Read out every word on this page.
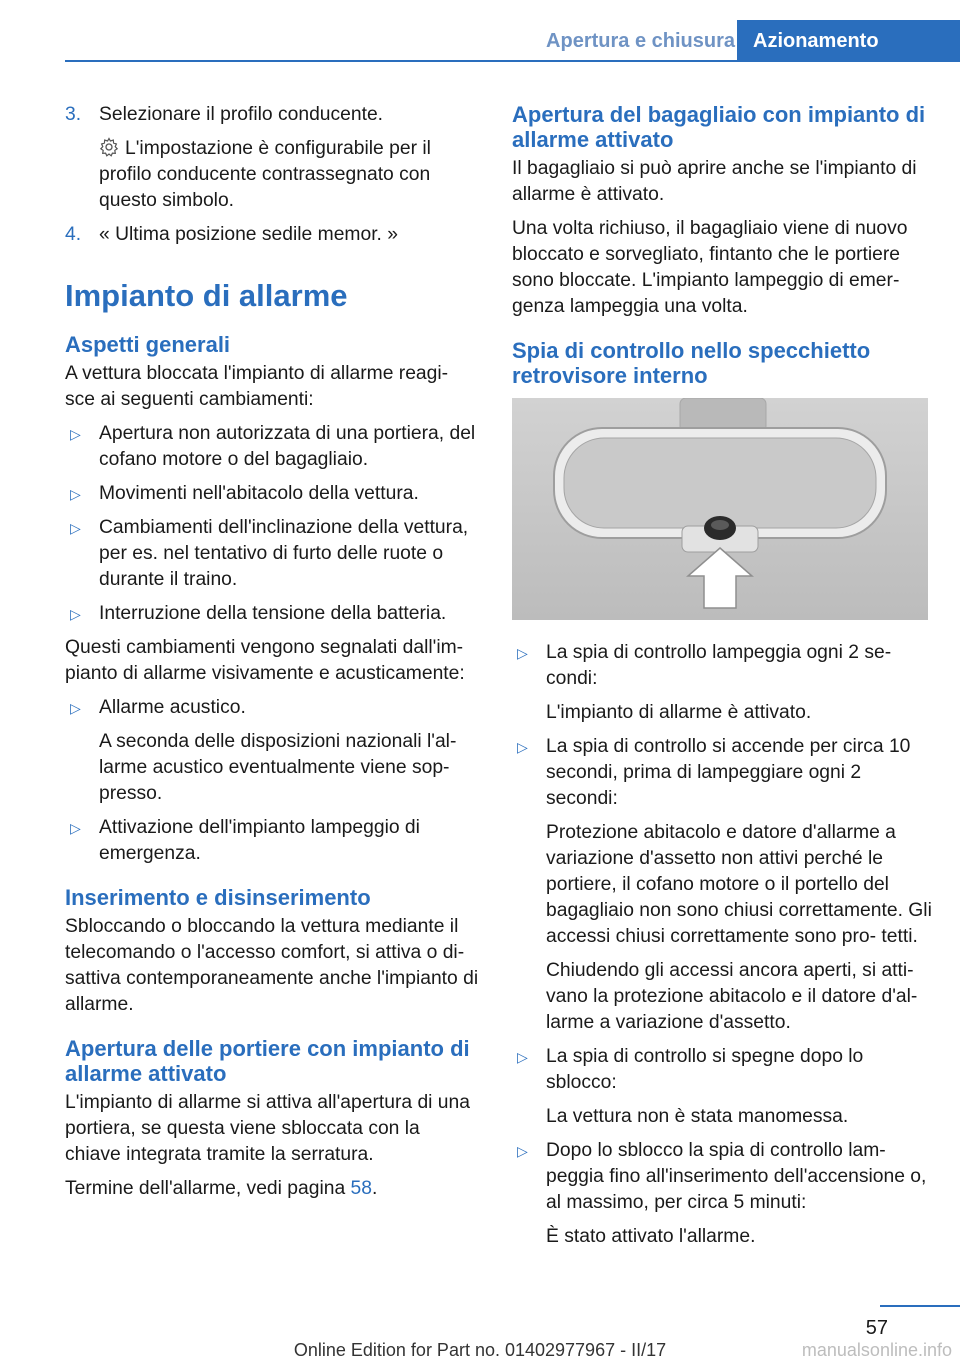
Apertura e chiusura Azionamento
3. Selezionare il profilo conducente.

L'impostazione è configurabile per il profilo conducente contrassegnato con questo simbolo.

4. « Ultima posizione sedile memor. »
Impianto di allarme
Aspetti generali

A vettura bloccata l'impianto di allarme reagi- sce ai seguenti cambiamenti:

▷ Apertura non autorizzata di una portiera, del cofano motore o del bagagliaio.
▷ Movimenti nell'abitacolo della vettura.
▷ Cambiamenti dell'inclinazione della vettura, per es. nel tentativo di furto delle ruote o durante il traino.
▷ Interruzione della tensione della batteria.

Questi cambiamenti vengono segnalati dall'im- pianto di allarme visivamente e acusticamente:

▷ Allarme acustico.

A seconda delle disposizioni nazionali l'al- larme acustico eventualmente viene sop- presso.

▷ Attivazione dell'impianto lampeggio di emergenza.
Inserimento e disinserimento

Sbloccando o bloccando la vettura mediante il telecomando o l'accesso comfort, si attiva o di- sattiva contemporaneamente anche l'impianto di allarme.

Apertura delle portiere con impianto di allarme attivato

L'impianto di allarme si attiva all'apertura di una portiera, se questa viene sbloccata con la chiave integrata tramite la serratura.

Termine dell'allarme, vedi pagina 58.

Apertura del bagagliaio con impianto di allarme attivato

Il bagagliaio si può aprire anche se l'impianto di allarme è attivato.

Una volta richiuso, il bagagliaio viene di nuovo bloccato e sorvegliato, fintanto che le portiere sono bloccate. L'impianto lampeggio di emer- genza lampeggia una volta.

Spia di controllo nello specchietto retrovisore interno
▷ La spia di controllo lampeggia ogni 2 se- condi:

L'impianto di allarme è attivato.

▷ La spia di controllo si accende per circa 10 secondi, prima di lampeggiare ogni 2 secondi:

Protezione abitacolo e datore d'allarme a variazione d'assetto non attivi perché le portiere, il cofano motore o il portello del bagagliaio non sono chiusi correttamente. Gli accessi chiusi correttamente sono pro- tetti.

Chiudendo gli accessi ancora aperti, si atti- vano la protezione abitacolo e il datore d'al- larme a variazione d'assetto.

▷ La spia di controllo si spegne dopo lo sblocco:

La vettura non è stata manomessa.

▷ Dopo lo sblocco la spia di controllo lam- peggia fino all'inserimento dell'accensione o, al massimo, per circa 5 minuti:

È stato attivato l'allarme.

57
Online Edition for Part no. 01402977967 - II/17	manualsonline.info
